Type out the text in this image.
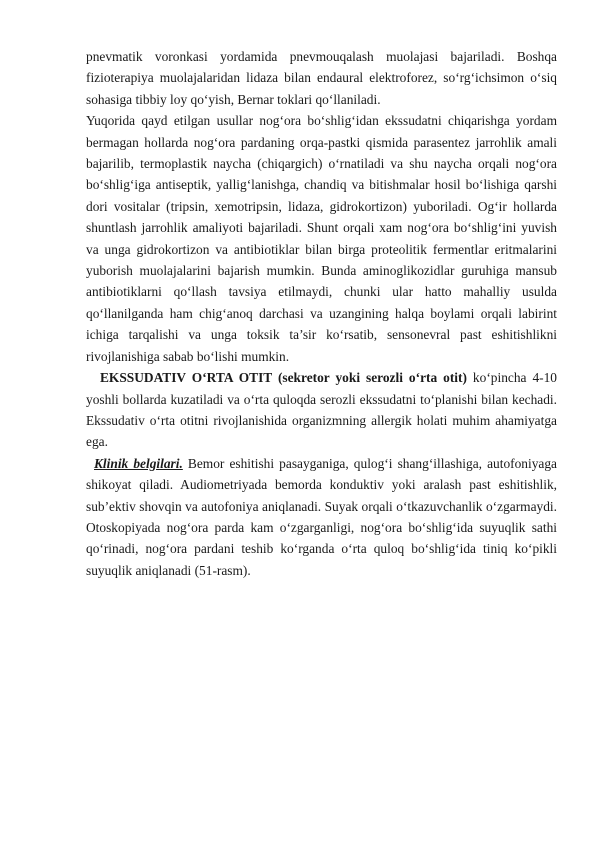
pnevmatik voronkasi yordamida pnevmouqalash muolajasi bajariladi. Boshqa fizioterapiya muolajalaridan lidaza bilan endaural elektroforez, so‘rg‘ichsimon o‘siq sohasiga tibbiy loy qo‘yish, Bernar toklari qo‘llaniladi.

Yuqorida qayd etilgan usullar nog‘ora bo‘shlig‘idan ekssudatni chiqarishga yordam bermagan hollarda nog‘ora pardaning orqa-pastki qismida parasentez jarrohlik amali bajarilib, termoplastik naycha (chiqargich) o‘rnatiladi va shu naycha orqali nog‘ora bo‘shlig‘iga antiseptik, yallig‘lanishga, chandiq va bitishmalar hosil bo‘lishiga qarshi dori vositalar (tripsin, xemotripsin, lidaza, gidrokortizon) yuboriladi. Og‘ir hollarda shuntlash jarrohlik amaliyoti bajariladi. Shunt orqali xam nog‘ora bo‘shlig‘ini yuvish va unga gidrokortizon va antibiotiklar bilan birga proteolitik fermentlar eritmalarini yuborish muolajalarini bajarish mumkin. Bunda aminoglikozidlar guruhiga mansub antibiotiklarni qo‘llash tavsiya etilmaydi, chunki ular hatto mahalliy usulda qo‘llanilganda ham chig‘anoq darchasi va uzangining halqa boylami orqali labirint ichiga tarqalishi va unga toksik ta’sir ko‘rsatib, sensonevral past eshitishlikni rivojlanishiga sabab bo‘lishi mumkin.

EKSSUDATIV O‘RTA OTIT (sekretor yoki serozli o‘rta otit) ko‘pincha 4-10 yoshli bollarda kuzatiladi va o‘rta quloqda serozli ekssudatni to‘planishi bilan kechadi. Ekssudativ o‘rta otitni rivojlanishida organizmning allergik holati muhim ahamiyatga ega.

Klinik belgilari. Bemor eshitishi pasayganiga, qulog‘i shang‘illashiga, autofoniyaga shikoyat qiladi. Audiometriyada bemorda konduktiv yoki aralash past eshitishlik, sub’ektiv shovqin va autofoniya aniqlanadi. Suyak orqali o‘tkazuvchanlik o‘zgarmaydi. Otoskopiyada nog‘ora parda kam o‘zgarganligi, nog‘ora bo‘shlig‘ida suyuqlik sathi qo‘rinadi, nog‘ora pardani teshib ko‘rganda o‘rta quloq bo‘shlig‘ida tiniq ko‘pikli suyuqlik aniqlanadi (51-rasm).
